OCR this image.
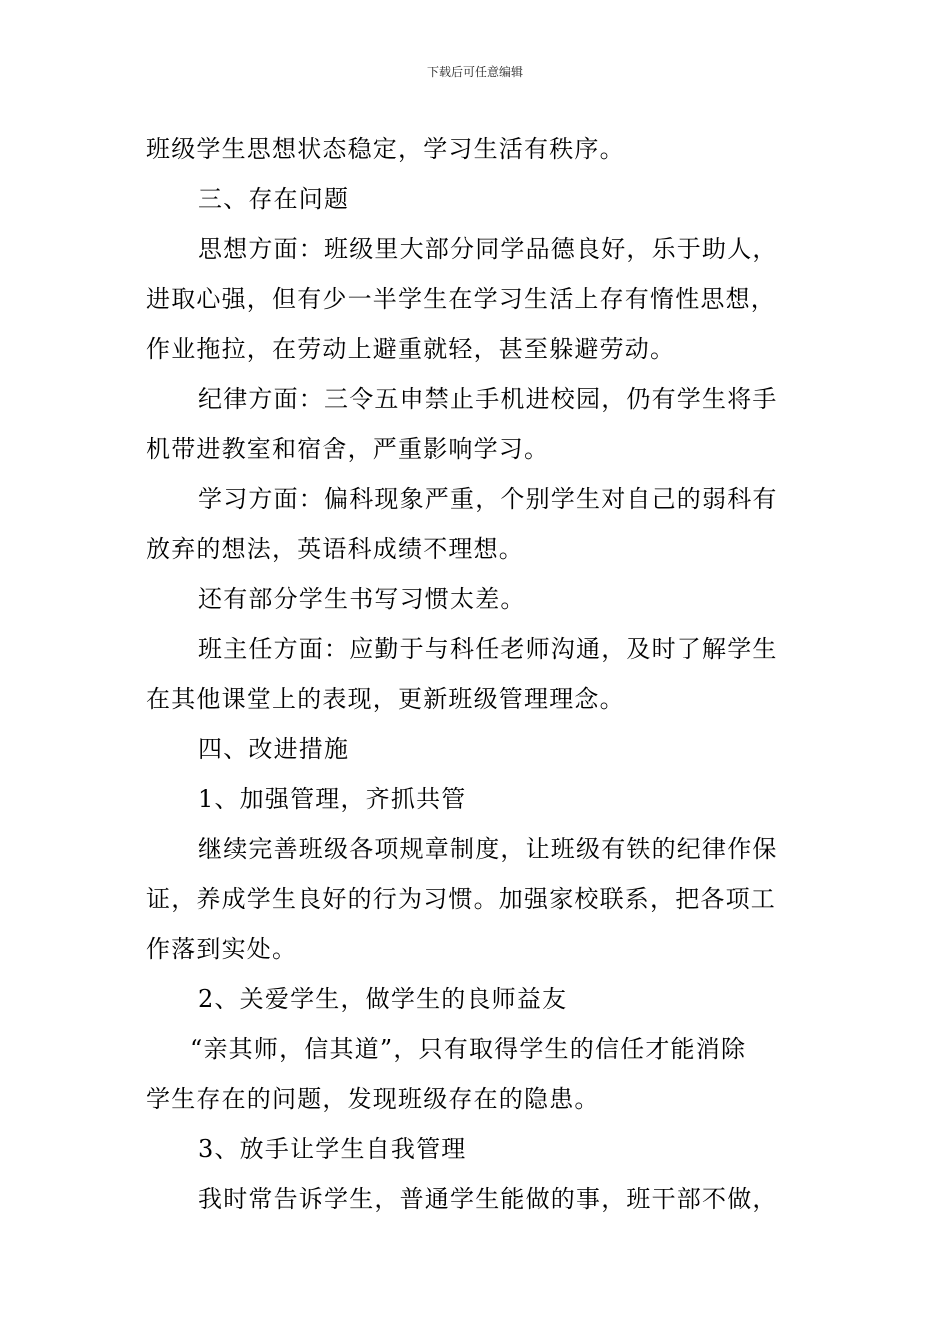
下载后可任意编辑
班级学生思想状态稳定，学习生活有秩序。
三、存在问题
思想方面：班级里大部分同学品德良好，乐于助人，
进取心强，但有少一半学生在学习生活上存有惰性思想，
作业拖拉，在劳动上避重就轻，甚至躲避劳动。
纪律方面：三令五申禁止手机进校园，仍有学生将手
机带进教室和宿舍，严重影响学习。
学习方面：偏科现象严重，个别学生对自己的弱科有
放弃的想法，英语科成绩不理想。
还有部分学生书写习惯太差。
班主任方面：应勤于与科任老师沟通，及时了解学生
在其他课堂上的表现，更新班级管理理念。
四、改进措施
1、加强管理，齐抓共管
继续完善班级各项规章制度，让班级有铁的纪律作保
证，养成学生良好的行为习惯。加强家校联系，把各项工
作落到实处。
2、关爱学生，做学生的良师益友
“亲其师，信其道”，只有取得学生的信任才能消除
学生存在的问题，发现班级存在的隐患。
3、放手让学生自我管理
我时常告诉学生，普通学生能做的事，班干部不做，
